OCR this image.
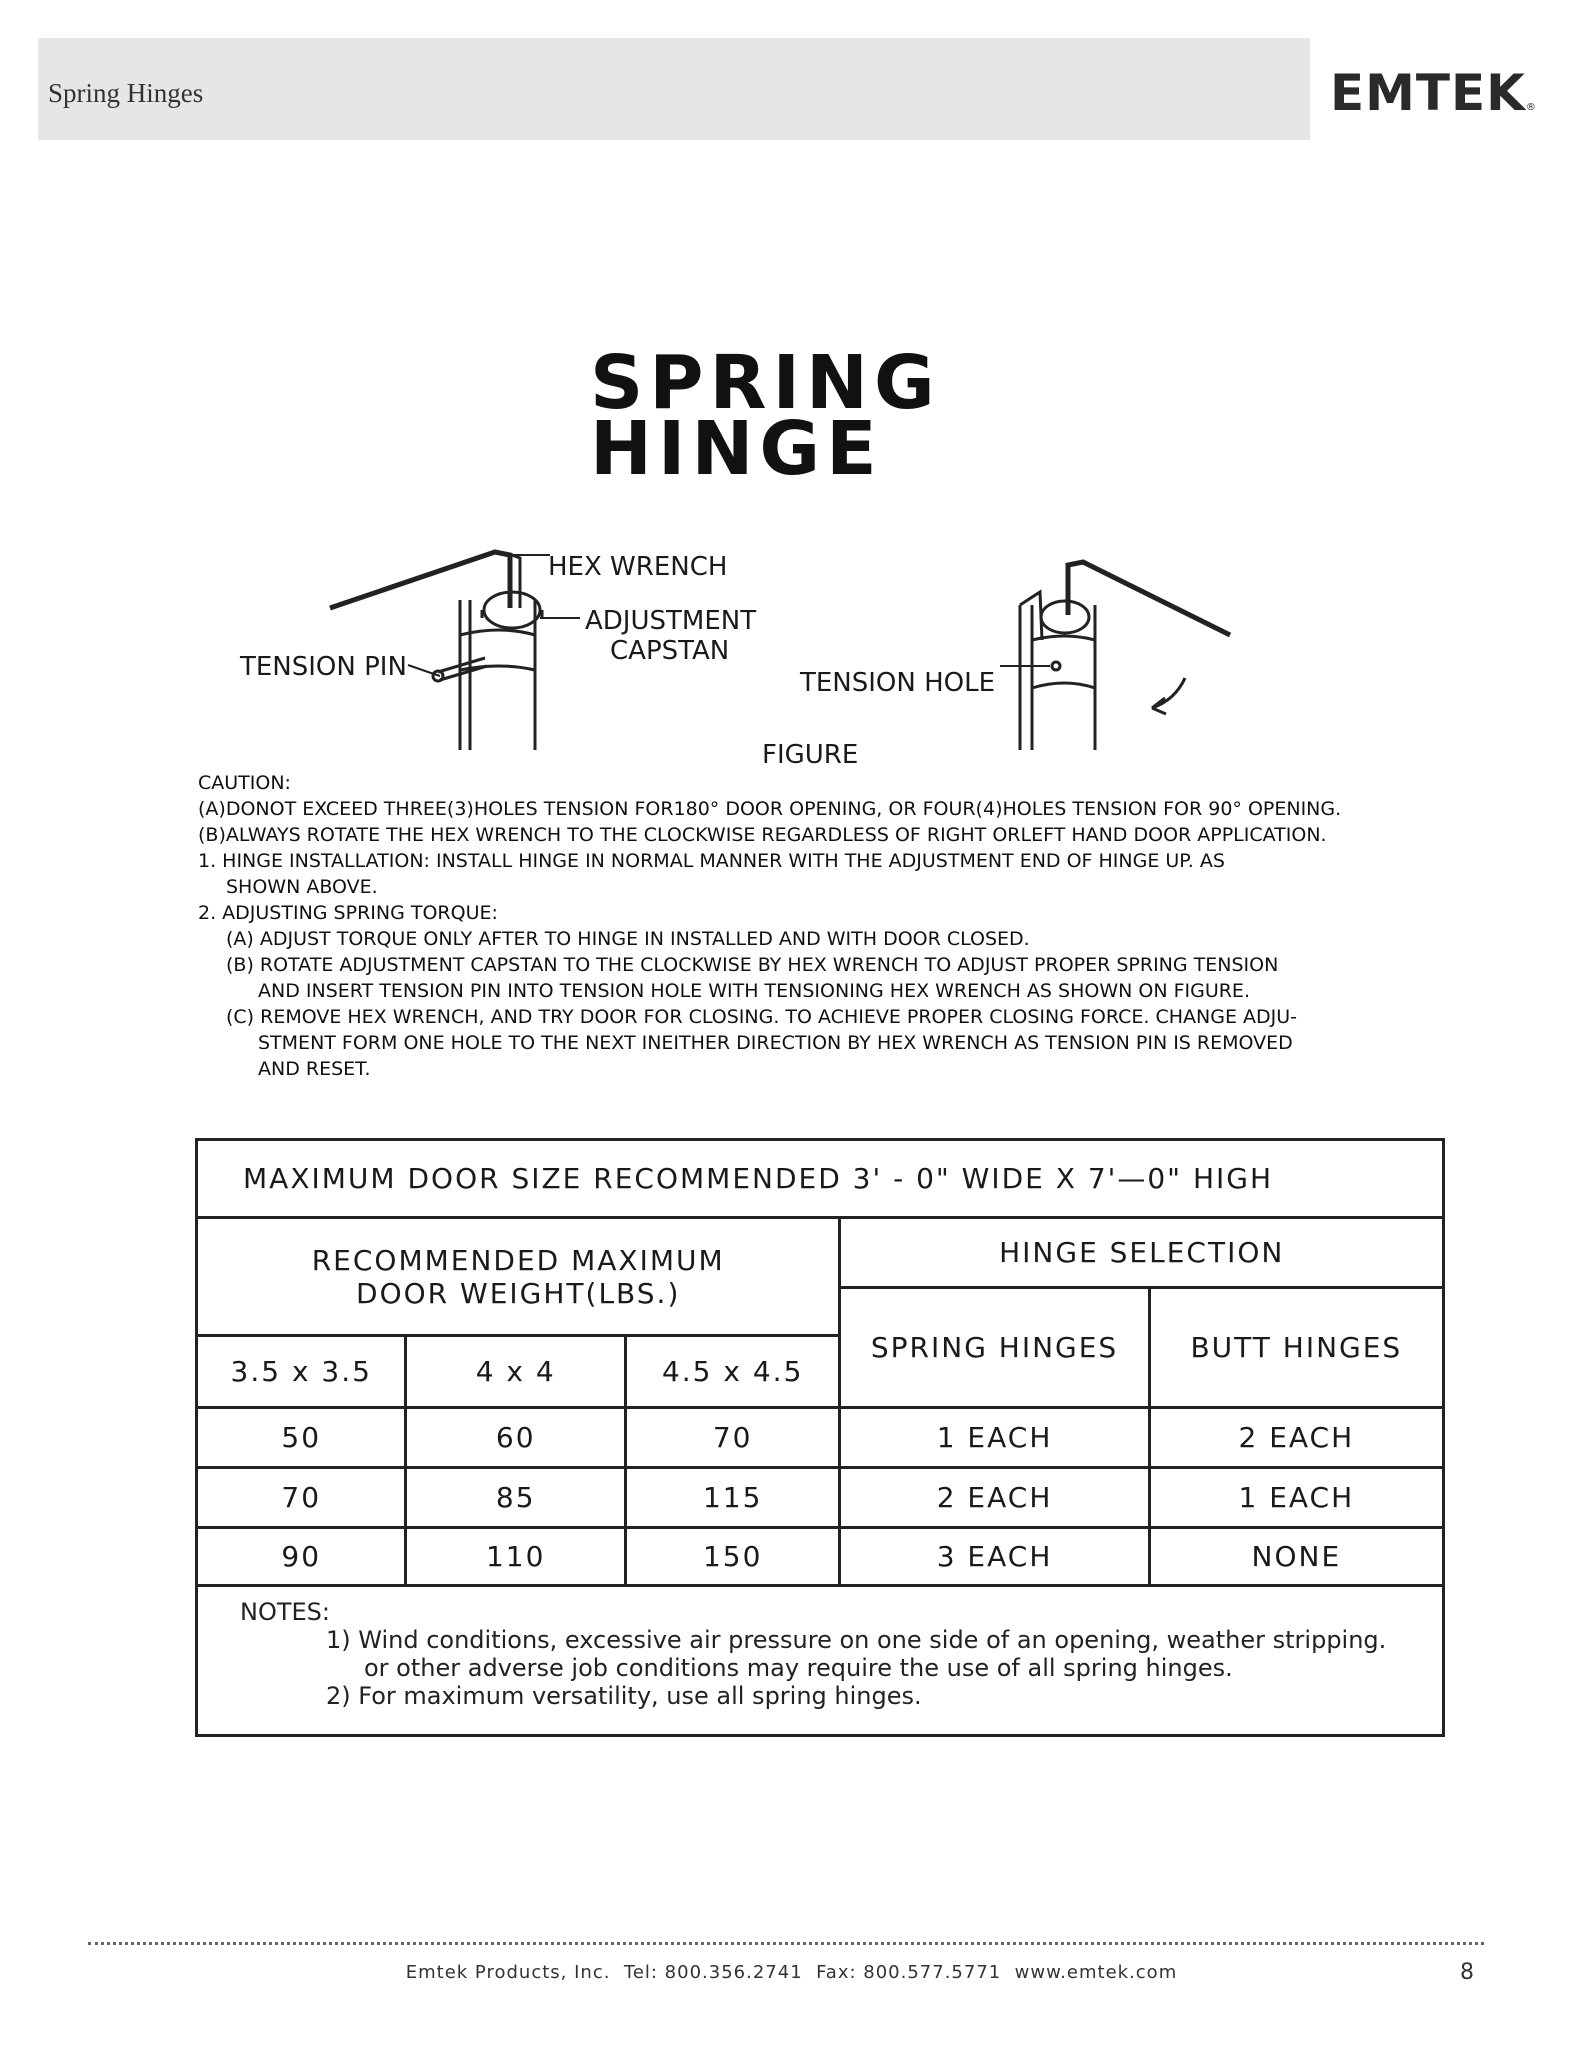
Spring Hinges	EMTEK®
SPRING
HINGE
HEX WRENCH
ADJUSTMENT
CAPSTAN
TENSION PIN
TENSION HOLE
FIGURE

CAUTION:

(A)DONOT EXCEED THREE(3)HOLES TENSION FOR180° DOOR OPENING, OR FOUR(4)HOLES TENSION FOR 90° OPENING.

(B)ALWAYS ROTATE THE HEX WRENCH TO THE CLOCKWISE REGARDLESS OF RIGHT ORLEFT HAND DOOR APPLICATION.

1. HINGE INSTALLATION: INSTALL HINGE IN NORMAL MANNER WITH THE ADJUSTMENT END OF HINGE UP. AS

SHOWN ABOVE.

2. ADJUSTING SPRING TORQUE:

(A) ADJUST TORQUE ONLY AFTER TO HINGE IN INSTALLED AND WITH DOOR CLOSED.

(B) ROTATE ADJUSTMENT CAPSTAN TO THE CLOCKWISE BY HEX WRENCH TO ADJUST PROPER SPRING TENSION

AND INSERT TENSION PIN INTO TENSION HOLE WITH TENSIONING HEX WRENCH AS SHOWN ON FIGURE.

(C) REMOVE HEX WRENCH, AND TRY DOOR FOR CLOSING. TO ACHIEVE PROPER CLOSING FORCE. CHANGE ADJU-

STMENT FORM ONE HOLE TO THE NEXT INEITHER DIRECTION BY HEX WRENCH AS TENSION PIN IS REMOVED

AND RESET.

MAXIMUM DOOR SIZE RECOMMENDED 3' - 0" WIDE X 7'—0" HIGH				

RECOMMENDED MAXIMUM
DOOR WEIGHT(LBS.)			HINGE SELECTION	
			SPRING HINGES	BUTT HINGES
3.5 x 3.5	4 x 4	4.5 x 4.5		
50	60	70	1 EACH	2 EACH
70	85	115	2 EACH	1 EACH
90	110	150	3 EACH	NONE

NOTES:

1) Wind conditions, excessive air pressure on one side of an opening, weather stripping.

or other adverse job conditions may require the use of all spring hinges.

2) For maximum versatility, use all spring hinges.

Emtek Products, Inc.  Tel: 800.356.2741  Fax: 800.577.5771  www.emtek.com	8
